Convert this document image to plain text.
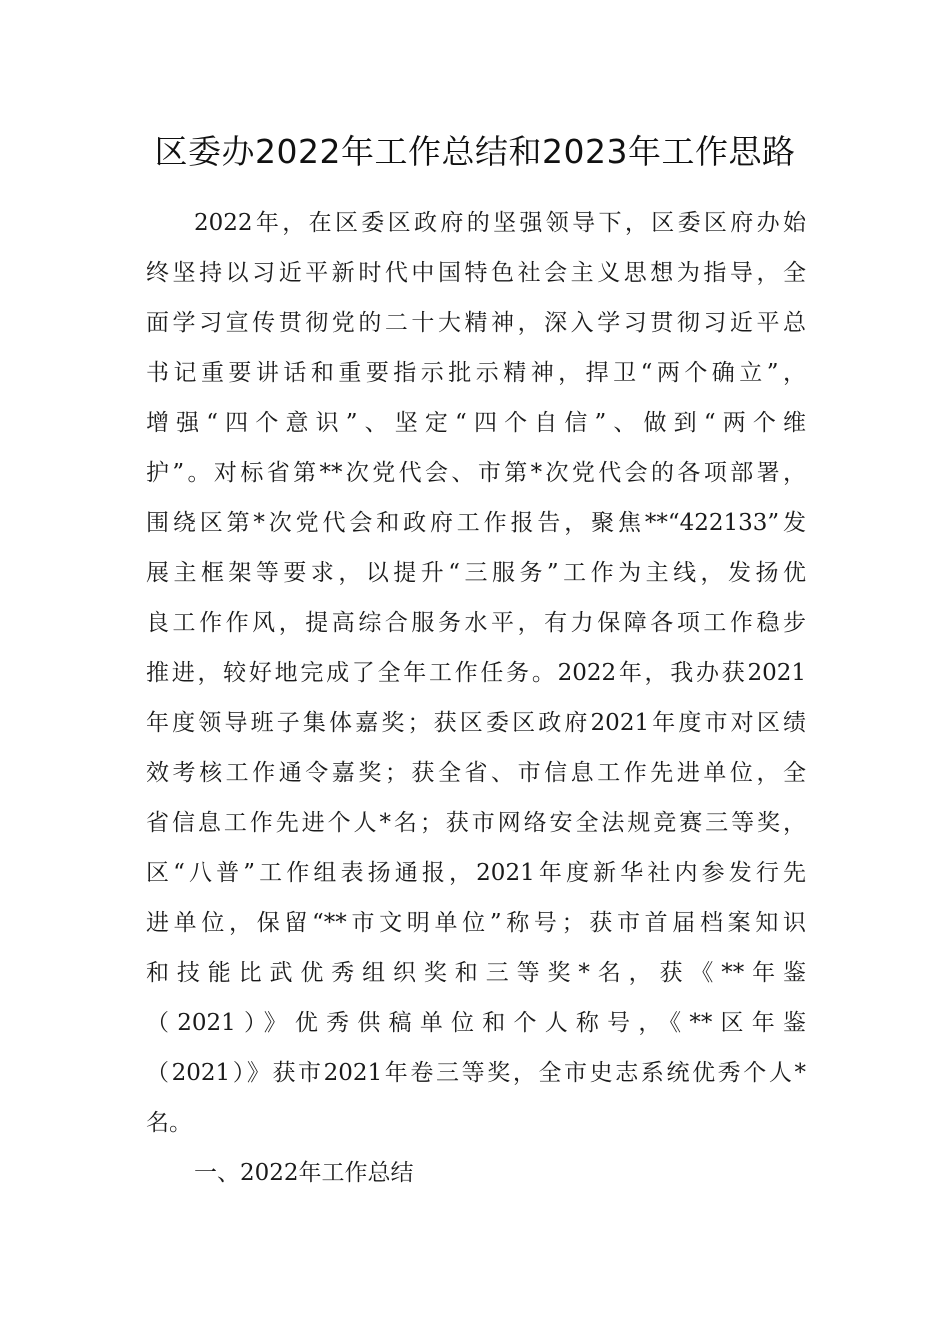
区委办2022年工作总结和2023年工作思路
2022年，在区委区政府的坚强领导下，区委区府办始
终坚持以习近平新时代中国特色社会主义思想为指导，全
面学习宣传贯彻党的二十大精神，深入学习贯彻习近平总
书记重要讲话和重要指示批示精神，捍卫“两个确立”，
增强“四个意识”、坚定“四个自信”、做到“两个维
护”。对标省第**次党代会、市第*次党代会的各项部署，
围绕区第*次党代会和政府工作报告，聚焦**“422133”发
展主框架等要求，以提升“三服务”工作为主线，发扬优
良工作作风，提高综合服务水平，有力保障各项工作稳步
推进，较好地完成了全年工作任务。2022年，我办获2021
年度领导班子集体嘉奖；获区委区政府2021年度市对区绩
效考核工作通令嘉奖；获全省、市信息工作先进单位，全
省信息工作先进个人*名；获市网络安全法规竞赛三等奖，
区“八普”工作组表扬通报，2021年度新华社内参发行先
进单位，保留“**市文明单位”称号；获市首届档案知识
和技能比武优秀组织奖和三等奖*名，获《**年鉴
（2021）》优秀供稿单位和个人称号，《**区年鉴
（2021）》获市2021年卷三等奖，全市史志系统优秀个人*
名。
一、2022年工作总结
